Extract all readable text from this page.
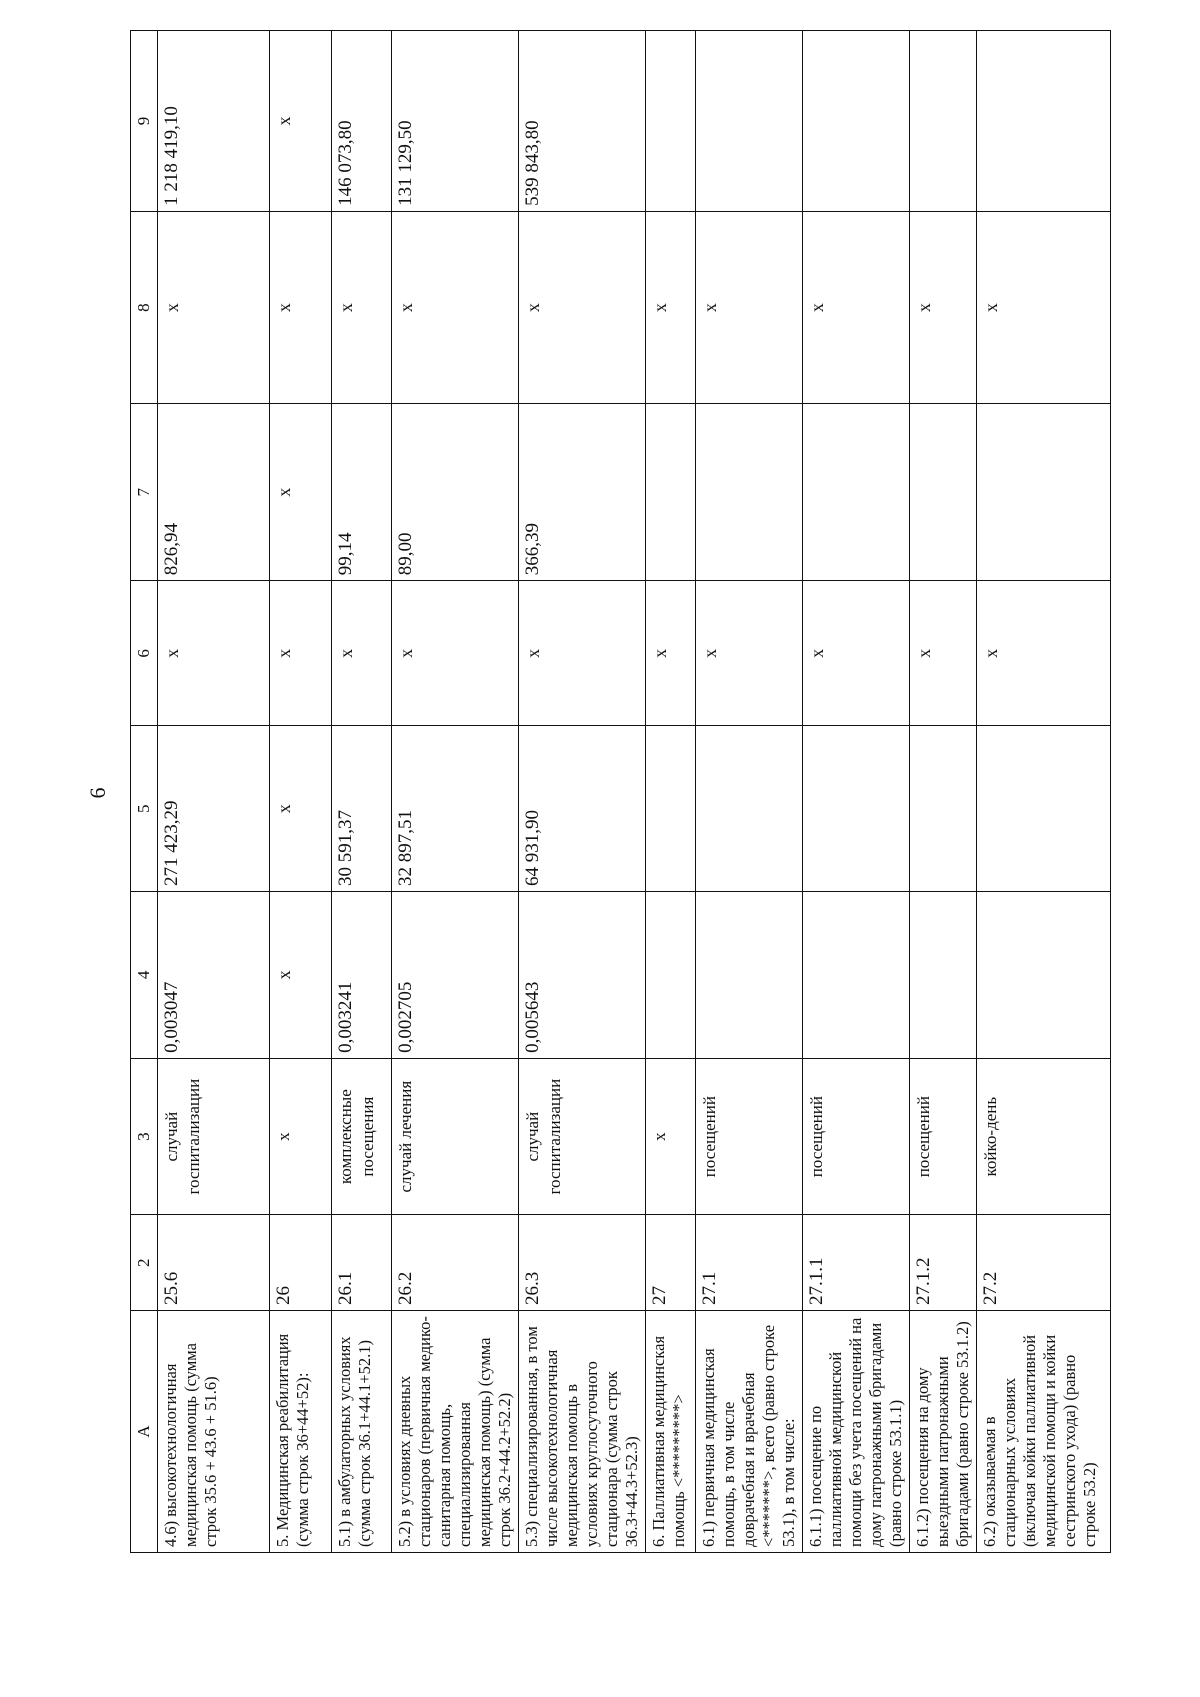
6
А	2	3	4	5	6	7	8	9	
4.6) высокотехнологичная медицинская помощь (сумма строк 35.6 + 43.6 + 51.6)	25.6	случай госпитализации	0,003047	271 423,29	х	826,94	х	1 218 419,10	
5. Медицинская реабилитация (сумма строк 36+44+52):	26	х	х	х	х	х	х	х	
5.1) в амбулаторных условиях (сумма строк 36.1+44.1+52.1)	26.1	комплексные посещения	0,003241	30 591,37	х	99,14	х	146 073,80	
5.2) в условиях дневных стационаров (первичная медико-санитарная помощь, специализированная медицинская помощь) (сумма строк 36.2+44.2+52.2)	26.2	случай лечения	0,002705	32 897,51	х	89,00	х	131 129,50	
5.3) специализированная, в том числе высокотехнологичная медицинская помощь в условиях круглосуточного стационара (сумма строк 36.3+44.3+52.3)	26.3	случай госпитализации	0,005643	64 931,90	х	366,39	х	539 843,80	
6. Паллиативная медицинская помощь <*********>	27	х			х		х		
6.1) первичная медицинская помощь, в том числе доврачебная и врачебная <*******>, всего (равно строке 53.1), в том числе:	27.1	посещений			х		х		
6.1.1) посещение по паллиативной медицинской помощи без учета посещений на дому патронажными бригадами (равно строке 53.1.1)	27.1.1	посещений			х		х		
6.1.2) посещения на дому выездными патронажными бригадами (равно строке 53.1.2)	27.1.2	посещений			х		х		
6.2) оказываемая в стационарных условиях (включая койки паллиативной медицинской помощи и койки сестринского ухода) (равно строке 53.2)	27.2	койко-день			х		х		
